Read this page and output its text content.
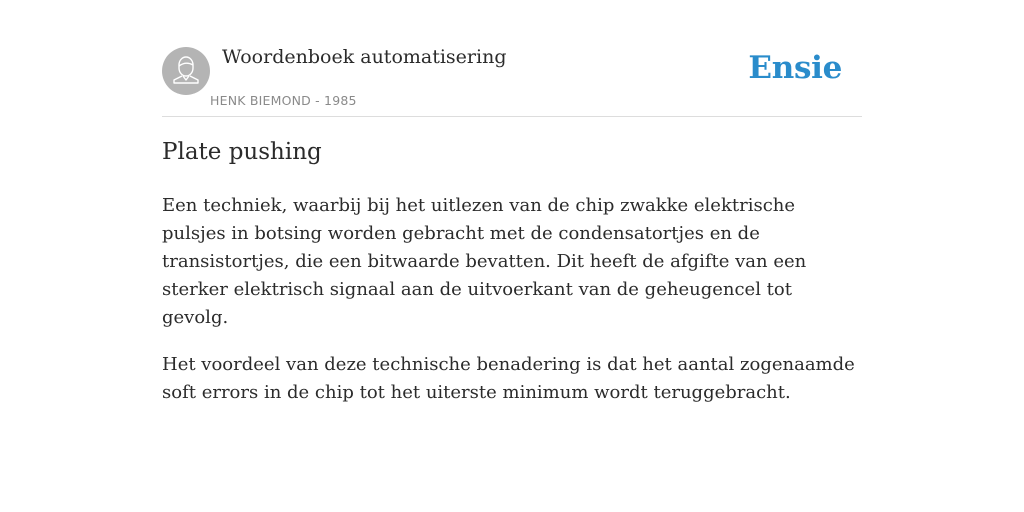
Woordenboek automatisering
HENK BIEMOND - 1985
Ensie
Plate pushing

Een techniek, waarbij bij het uitlezen van de chip zwakke elektrische pulsjes in botsing worden gebracht met de condensatortjes en de transistortjes, die een bitwaarde bevatten. Dit heeft de afgifte van een sterker elektrisch signaal aan de uitvoerkant van de geheugencel tot gevolg.

Het voordeel van deze technische benadering is dat het aantal zogenaamde soft errors in de chip tot het uiterste minimum wordt teruggebracht.
